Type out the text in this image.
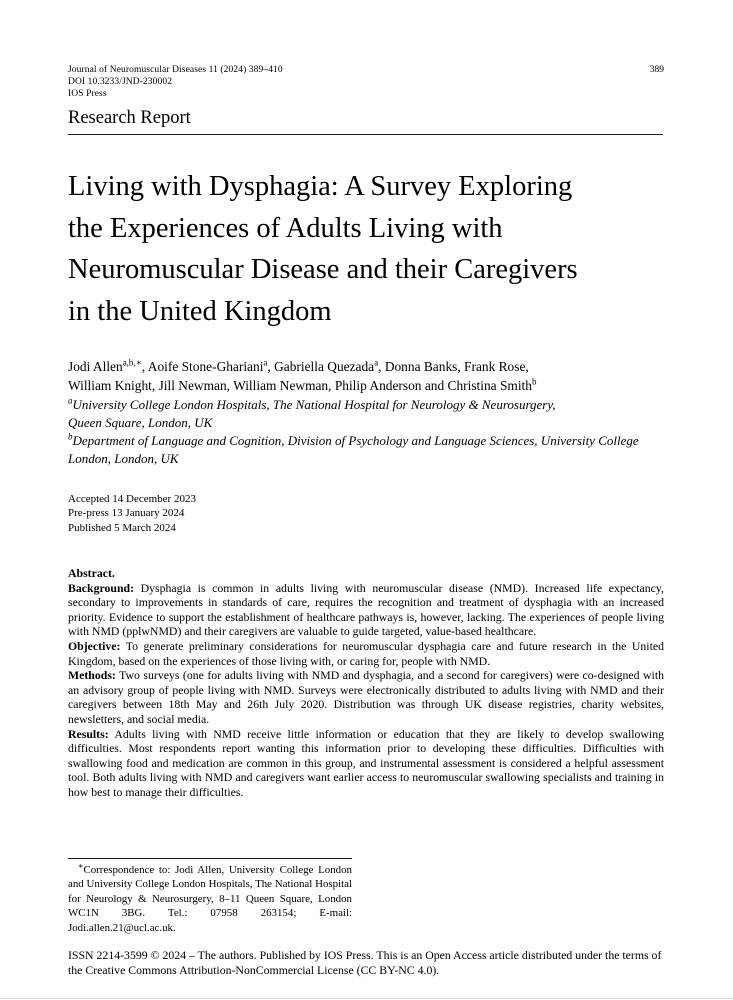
Journal of Neuromuscular Diseases 11 (2024) 389–410
DOI 10.3233/JND-230002
IOS Press
389
Research Report
Living with Dysphagia: A Survey Exploring
the Experiences of Adults Living with
Neuromuscular Disease and their Caregivers
in the United Kingdom
Jodi Allen$^{a,b,∗}$, Aoife Stone-Ghariani$^a$, Gabriella Quezada$^a$, Donna Banks, Frank Rose,
William Knight, Jill Newman, William Newman, Philip Anderson and Christina Smith$^b$
$^a$University College London Hospitals, The National Hospital for Neurology & Neurosurgery,
Queen Square, London, UK
$^b$Department of Language and Cognition, Division of Psychology and Language Sciences, University College
London, London, UK
Accepted 14 December 2023
Pre-press 13 January 2024
Published 5 March 2024

Abstract.

Background: Dysphagia is common in adults living with neuromuscular disease (NMD). Increased life expectancy, secondary to improvements in standards of care, requires the recognition and treatment of dysphagia with an increased priority. Evidence to support the establishment of healthcare pathways is, however, lacking. The experiences of people living with NMD (pplwNMD) and their caregivers are valuable to guide targeted, value-based healthcare.

Objective: To generate preliminary considerations for neuromuscular dysphagia care and future research in the United Kingdom, based on the experiences of those living with, or caring for, people with NMD.

Methods: Two surveys (one for adults living with NMD and dysphagia, and a second for caregivers) were co-designed with an advisory group of people living with NMD. Surveys were electronically distributed to adults living with NMD and their caregivers between 18th May and 26th July 2020. Distribution was through UK disease registries, charity websites, newsletters, and social media.

Results: Adults living with NMD receive little information or education that they are likely to develop swallowing difficulties. Most respondents report wanting this information prior to developing these difficulties. Difficulties with swallowing food and medication are common in this group, and instrumental assessment is considered a helpful assessment tool. Both adults living with NMD and caregivers want earlier access to neuromuscular swallowing specialists and training in how best to manage their difficulties.

∗Correspondence to: Jodi Allen, University College London and University College London Hospitals, The National Hospital for Neurology & Neurosurgery, 8–11 Queen Square, London WC1N 3BG. Tel.: 07958 263154; E-mail: Jodi.allen.21@ucl.ac.uk.

ISSN 2214-3599 © 2024 – The authors. Published by IOS Press. This is an Open Access article distributed under the terms of the Creative Commons Attribution-NonCommercial License (CC BY-NC 4.0).
